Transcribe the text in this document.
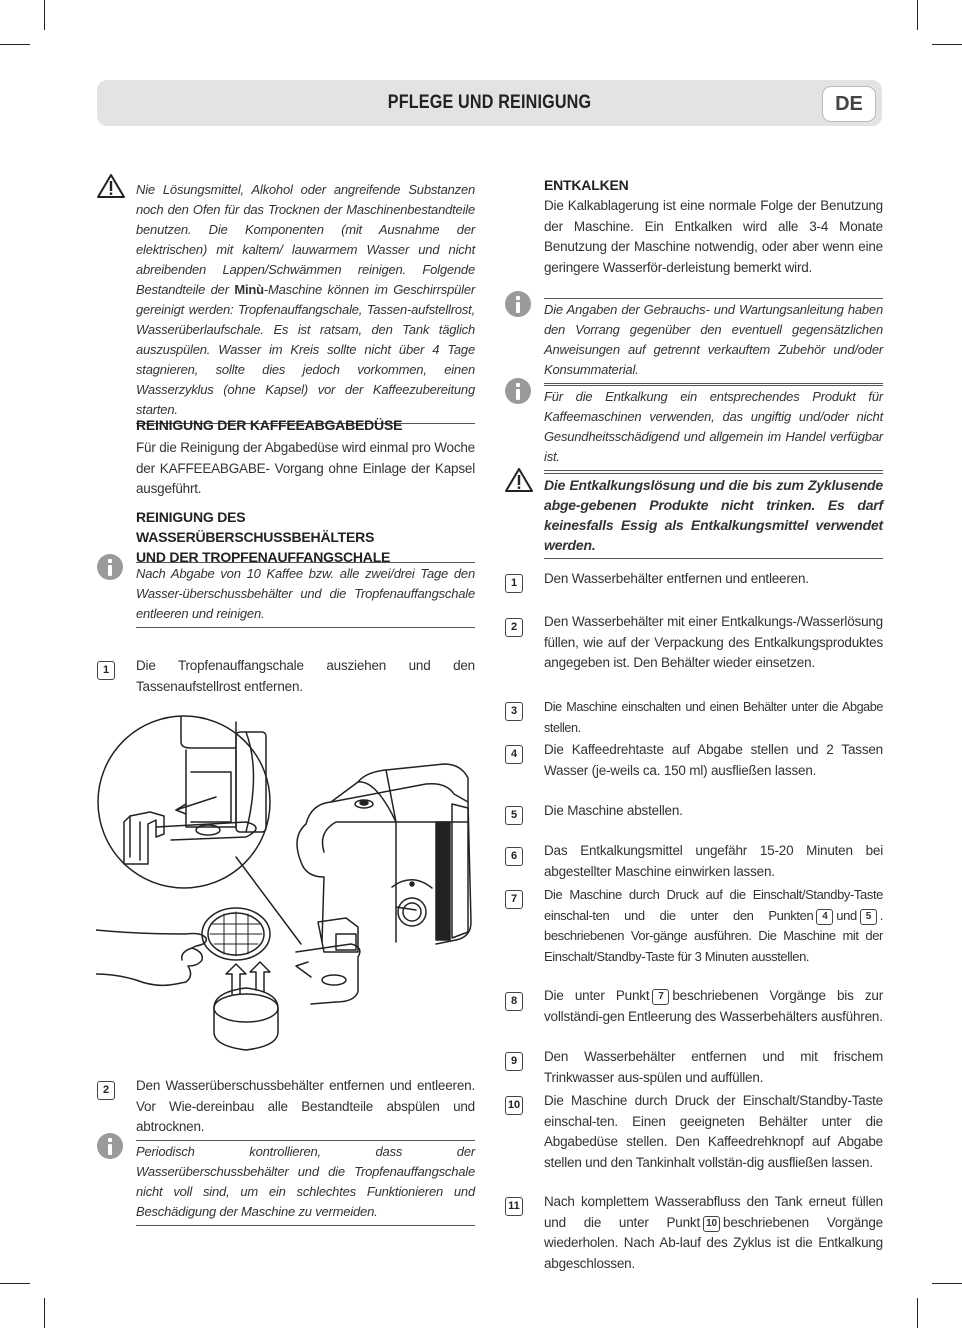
PFLEGE UND REINIGUNG	DE
Nie Lösungsmittel, Alkohol oder angreifende Substanzen noch den Ofen für das Trocknen der Maschinenbestandteile benutzen. Die Komponenten (mit Ausnahme der elektrischen) mit kaltem/ lauwarmem Wasser und nicht abreibenden Lappen/Schwämmen reinigen. Folgende Bestandteile der Minù-Maschine können im Geschirrspüler gereinigt werden: Tropfenauffangschale, Tassen-aufstellrost, Wasserüberlaufschale. Es ist ratsam, den Tank täglich auszuspülen. Wasser im Kreis sollte nicht über 4 Tage stagnieren, sollte dies jedoch vorkommen, einen Wasserzyklus (ohne Kapsel) vor der Kaffeezubereitung starten.
REINIGUNG DER KAFFEEABGABEDÜSE
Für die Reinigung der Abgabedüse wird einmal pro Woche der KAFFEEABGABE- Vorgang ohne Einlage der Kapsel ausgeführt.
REINIGUNG DES WASSERÜBERSCHUSSBEHÄLTERS
UND DER TROPFENAUFFANGSCHALE
Nach Abgabe von 10 Kaffee bzw. alle zwei/drei Tage den Wasser-überschussbehälter und die Tropfenauffangschale entleeren und reinigen.
1	Die Tropfenauffangschale ausziehen und den Tassenaufstellrost entfernen.
2	Den Wasserüberschussbehälter entfernen und entleeren. Vor Wie-dereinbau alle Bestandteile abspülen und abtrocknen.
Periodisch kontrollieren, dass der Wasserüberschussbehälter und die Tropfenauffangschale nicht voll sind, um ein schlechtes Funktionieren und Beschädigung der Maschine zu vermeiden.
ENTKALKEN
Die Kalkablagerung ist eine normale Folge der Benutzung der Maschine. Ein Entkalken wird alle 3-4 Monate Benutzung der Maschine notwendig, oder aber wenn eine geringere Wasserför-derleistung bemerkt wird.
Die Angaben der Gebrauchs- und Wartungsanleitung haben den Vorrang gegenüber den eventuell gegensätzlichen Anweisungen auf getrennt verkauftem Zubehör und/oder Konsummaterial.
Für die Entkalkung ein entsprechendes Produkt für Kaffeemaschinen verwenden, das ungiftig und/oder nicht Gesundheitsschädigend und allgemein im Handel verfügbar ist.
Die Entkalkungslösung und die bis zum Zyklusende abge-gebenen Produkte nicht trinken. Es darf keinesfalls Essig als Entkalkungsmittel verwendet werden.
1	Den Wasserbehälter entfernen und entleeren.
2	Den Wasserbehälter mit einer Entkalkungs-/Wasserlösung füllen, wie auf der Verpackung des Entkalkungsproduktes angegeben ist. Den Behälter wieder einsetzen.
3	Die Maschine einschalten und einen Behälter unter die Abgabe stellen.
4	Die Kaffeedrehtaste auf Abgabe stellen und 2 Tassen Wasser (je-weils ca. 150 ml) ausfließen lassen.
5	Die Maschine abstellen.
6	Das Entkalkungsmittel ungefähr 15-20 Minuten bei abgestellter Maschine einwirken lassen.
7	Die Maschine durch Druck auf die Einschalt/Standby-Taste einschal-ten und die unter den Punkten 4 und 5 . beschriebenen Vor-gänge ausführen. Die Maschine mit der Einschalt/Standby-Taste für 3 Minuten ausstellen.
8	Die unter Punkt 7 beschriebenen Vorgänge bis zur vollständi-gen Entleerung des Wasserbehälters ausführen.
9	Den Wasserbehälter entfernen und mit frischem Trinkwasser aus-spülen und auffüllen.
10 Die Maschine durch Druck der Einschalt/Standby-Taste einschal-ten. Einen geeigneten Behälter unter die Abgabedüse stellen. Den Kaffeedrehknopf auf Abgabe stellen und den Tankinhalt vollstän-dig ausfließen lassen.
11 Nach komplettem Wasserabfluss den Tank erneut füllen und die unter Punkt 10 beschriebenen Vorgänge wiederholen. Nach Ab-lauf des Zyklus ist die Entkalkung abgeschlossen.
